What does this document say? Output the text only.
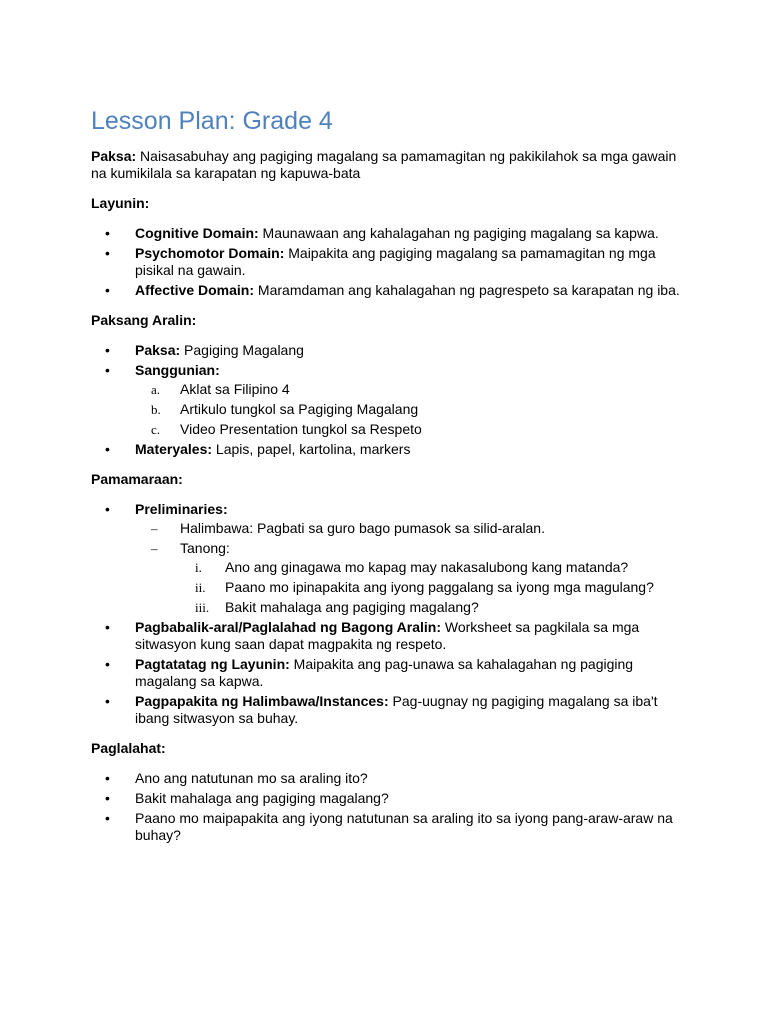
Lesson Plan: Grade 4

Paksa: Naisasabuhay ang pagiging magalang sa pamamagitan ng pakikilahok sa mga gawain na kumikilala sa karapatan ng kapuwa-bata

Layunin:

• Cognitive Domain: Maunawaan ang kahalagahan ng pagiging magalang sa kapwa.
• Psychomotor Domain: Maipakita ang pagiging magalang sa pamamagitan ng mga pisikal na gawain.
• Affective Domain: Maramdaman ang kahalagahan ng pagrespeto sa karapatan ng iba.

Paksang Aralin:

• Paksa: Pagiging Magalang
• Sanggunian:
a. Aklat sa Filipino 4
b. Artikulo tungkol sa Pagiging Magalang
c. Video Presentation tungkol sa Respeto
• Materyales: Lapis, papel, kartolina, markers

Pamamaraan:

• Preliminaries:
– Halimbawa: Pagbati sa guro bago pumasok sa silid-aralan.
– Tanong:
i. Ano ang ginagawa mo kapag may nakasalubong kang matanda?
ii. Paano mo ipinapakita ang iyong paggalang sa iyong mga magulang?
iii. Bakit mahalaga ang pagiging magalang?
• Pagbabalik-aral/Paglalahad ng Bagong Aralin: Worksheet sa pagkilala sa mga sitwasyon kung saan dapat magpakita ng respeto.
• Pagtatatag ng Layunin: Maipakita ang pag-unawa sa kahalagahan ng pagiging magalang sa kapwa.
• Pagpapakita ng Halimbawa/Instances: Pag-uugnay ng pagiging magalang sa iba't ibang sitwasyon sa buhay.

Paglalahat:

• Ano ang natutunan mo sa araling ito?
• Bakit mahalaga ang pagiging magalang?
• Paano mo maipapakita ang iyong natutunan sa araling ito sa iyong pang-araw-araw na buhay?
